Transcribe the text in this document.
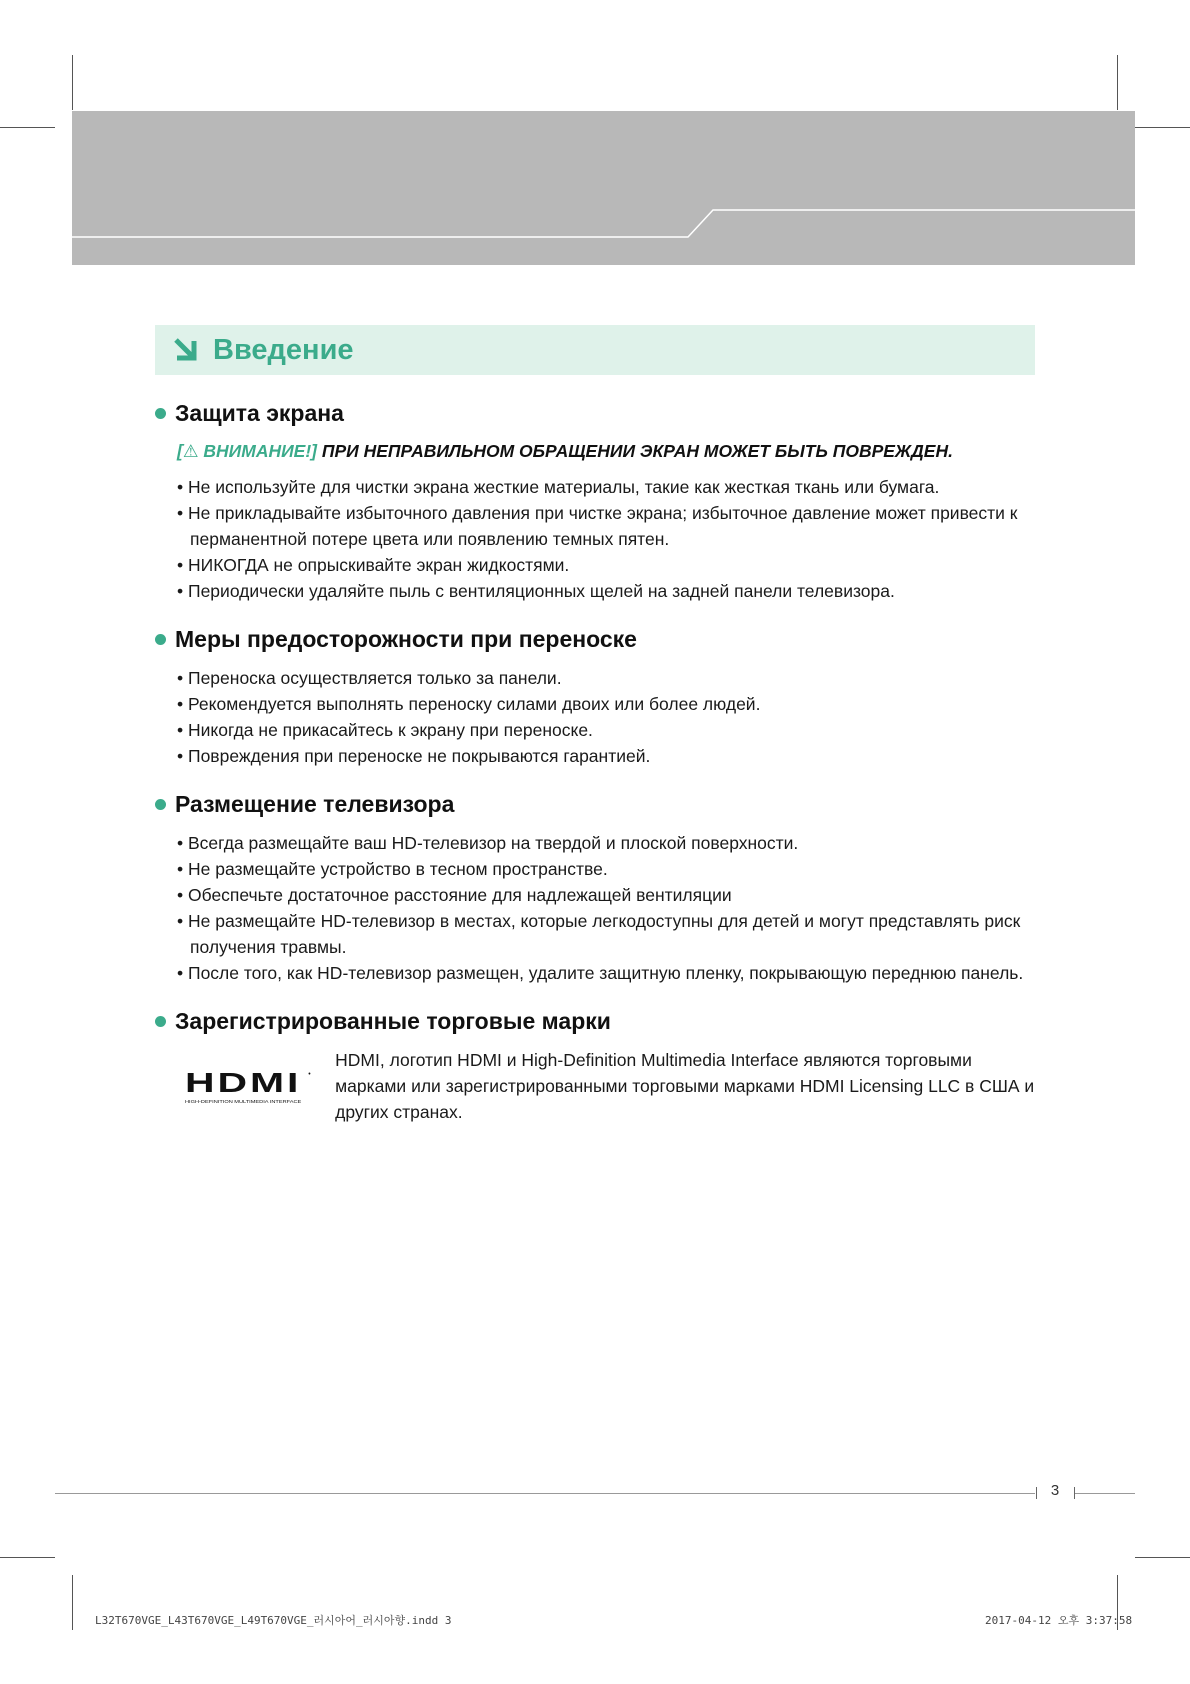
Введение
Защита экрана
[⚠ ВНИМАНИЕ!] ПРИ НЕПРАВИЛЬНОМ ОБРАЩЕНИИ ЭКРАН МОЖЕТ БЫТЬ ПОВРЕЖДЕН.
• Не используйте для чистки экрана жесткие материалы, такие как жесткая ткань или бумага.
• Не прикладывайте избыточного давления при чистке экрана; избыточное давление может привести к перманентной потере цвета или появлению темных пятен.
• НИКОГДА не опрыскивайте экран жидкостями.
• Периодически удаляйте пыль с вентиляционных щелей на задней панели телевизора.
Меры предосторожности при переноске
• Переноска осуществляется только за панели.
• Рекомендуется выполнять переноску силами двоих или более людей.
• Никогда не прикасайтесь к экрану при переноске.
• Повреждения при переноске не покрываются гарантией.
Размещение телевизора
• Всегда размещайте ваш HD-телевизор на твердой и плоской поверхности.
• Не размещайте устройство в тесном пространстве.
• Обеспечьте достаточное расстояние для надлежащей вентиляции
• Не размещайте HD-телевизор в местах, которые легкодоступны для детей и могут представлять риск получения травмы.
• После того, как HD-телевизор размещен, удалите защитную пленку, покрывающую переднюю панель.
Зарегистрированные торговые марки
HDMI •
HIGH-DEFINITION MULTIMEDIA INTERFACE
HDMI, логотип HDMI и High-Definition Multimedia Interface являются торговыми марками или зарегистрированными торговыми марками HDMI Licensing LLC в США и других странах.
3
L32T670VGE_L43T670VGE_L49T670VGE_러시아어_러시아향.indd 3	2017-04-12 오후 3:37:58
